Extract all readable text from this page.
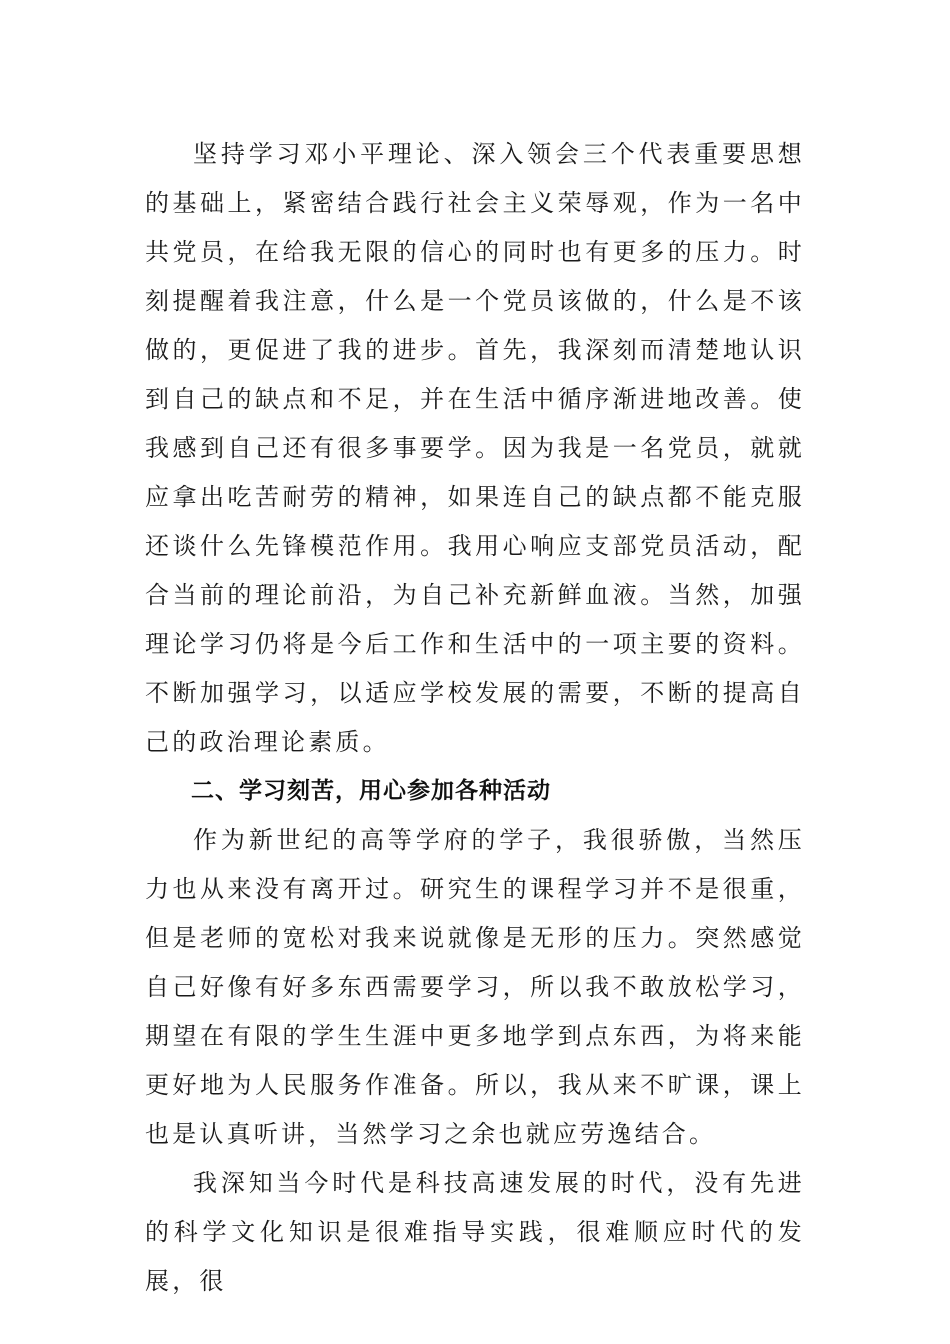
坚持学习邓小平理论、深入领会三个代表重要思想的基础上，紧密结合践行社会主义荣辱观，作为一名中共党员，在给我无限的信心的同时也有更多的压力。时刻提醒着我注意，什么是一个党员该做的，什么是不该做的，更促进了我的进步。首先，我深刻而清楚地认识到自己的缺点和不足，并在生活中循序渐进地改善。使我感到自己还有很多事要学。因为我是一名党员，就就应拿出吃苦耐劳的精神，如果连自己的缺点都不能克服还谈什么先锋模范作用。我用心响应支部党员活动，配合当前的理论前沿，为自己补充新鲜血液。当然，加强理论学习仍将是今后工作和生活中的一项主要的资料。不断加强学习，以适应学校发展的需要，不断的提高自己的政治理论素质。

二、学习刻苦，用心参加各种活动

作为新世纪的高等学府的学子，我很骄傲，当然压力也从来没有离开过。研究生的课程学习并不是很重，但是老师的宽松对我来说就像是无形的压力。突然感觉自己好像有好多东西需要学习，所以我不敢放松学习，期望在有限的学生生涯中更多地学到点东西，为将来能更好地为人民服务作准备。所以，我从来不旷课，课上也是认真听讲，当然学习之余也就应劳逸结合。

我深知当今时代是科技高速发展的时代，没有先进的科学文化知识是很难指导实践，很难顺应时代的发展，很
